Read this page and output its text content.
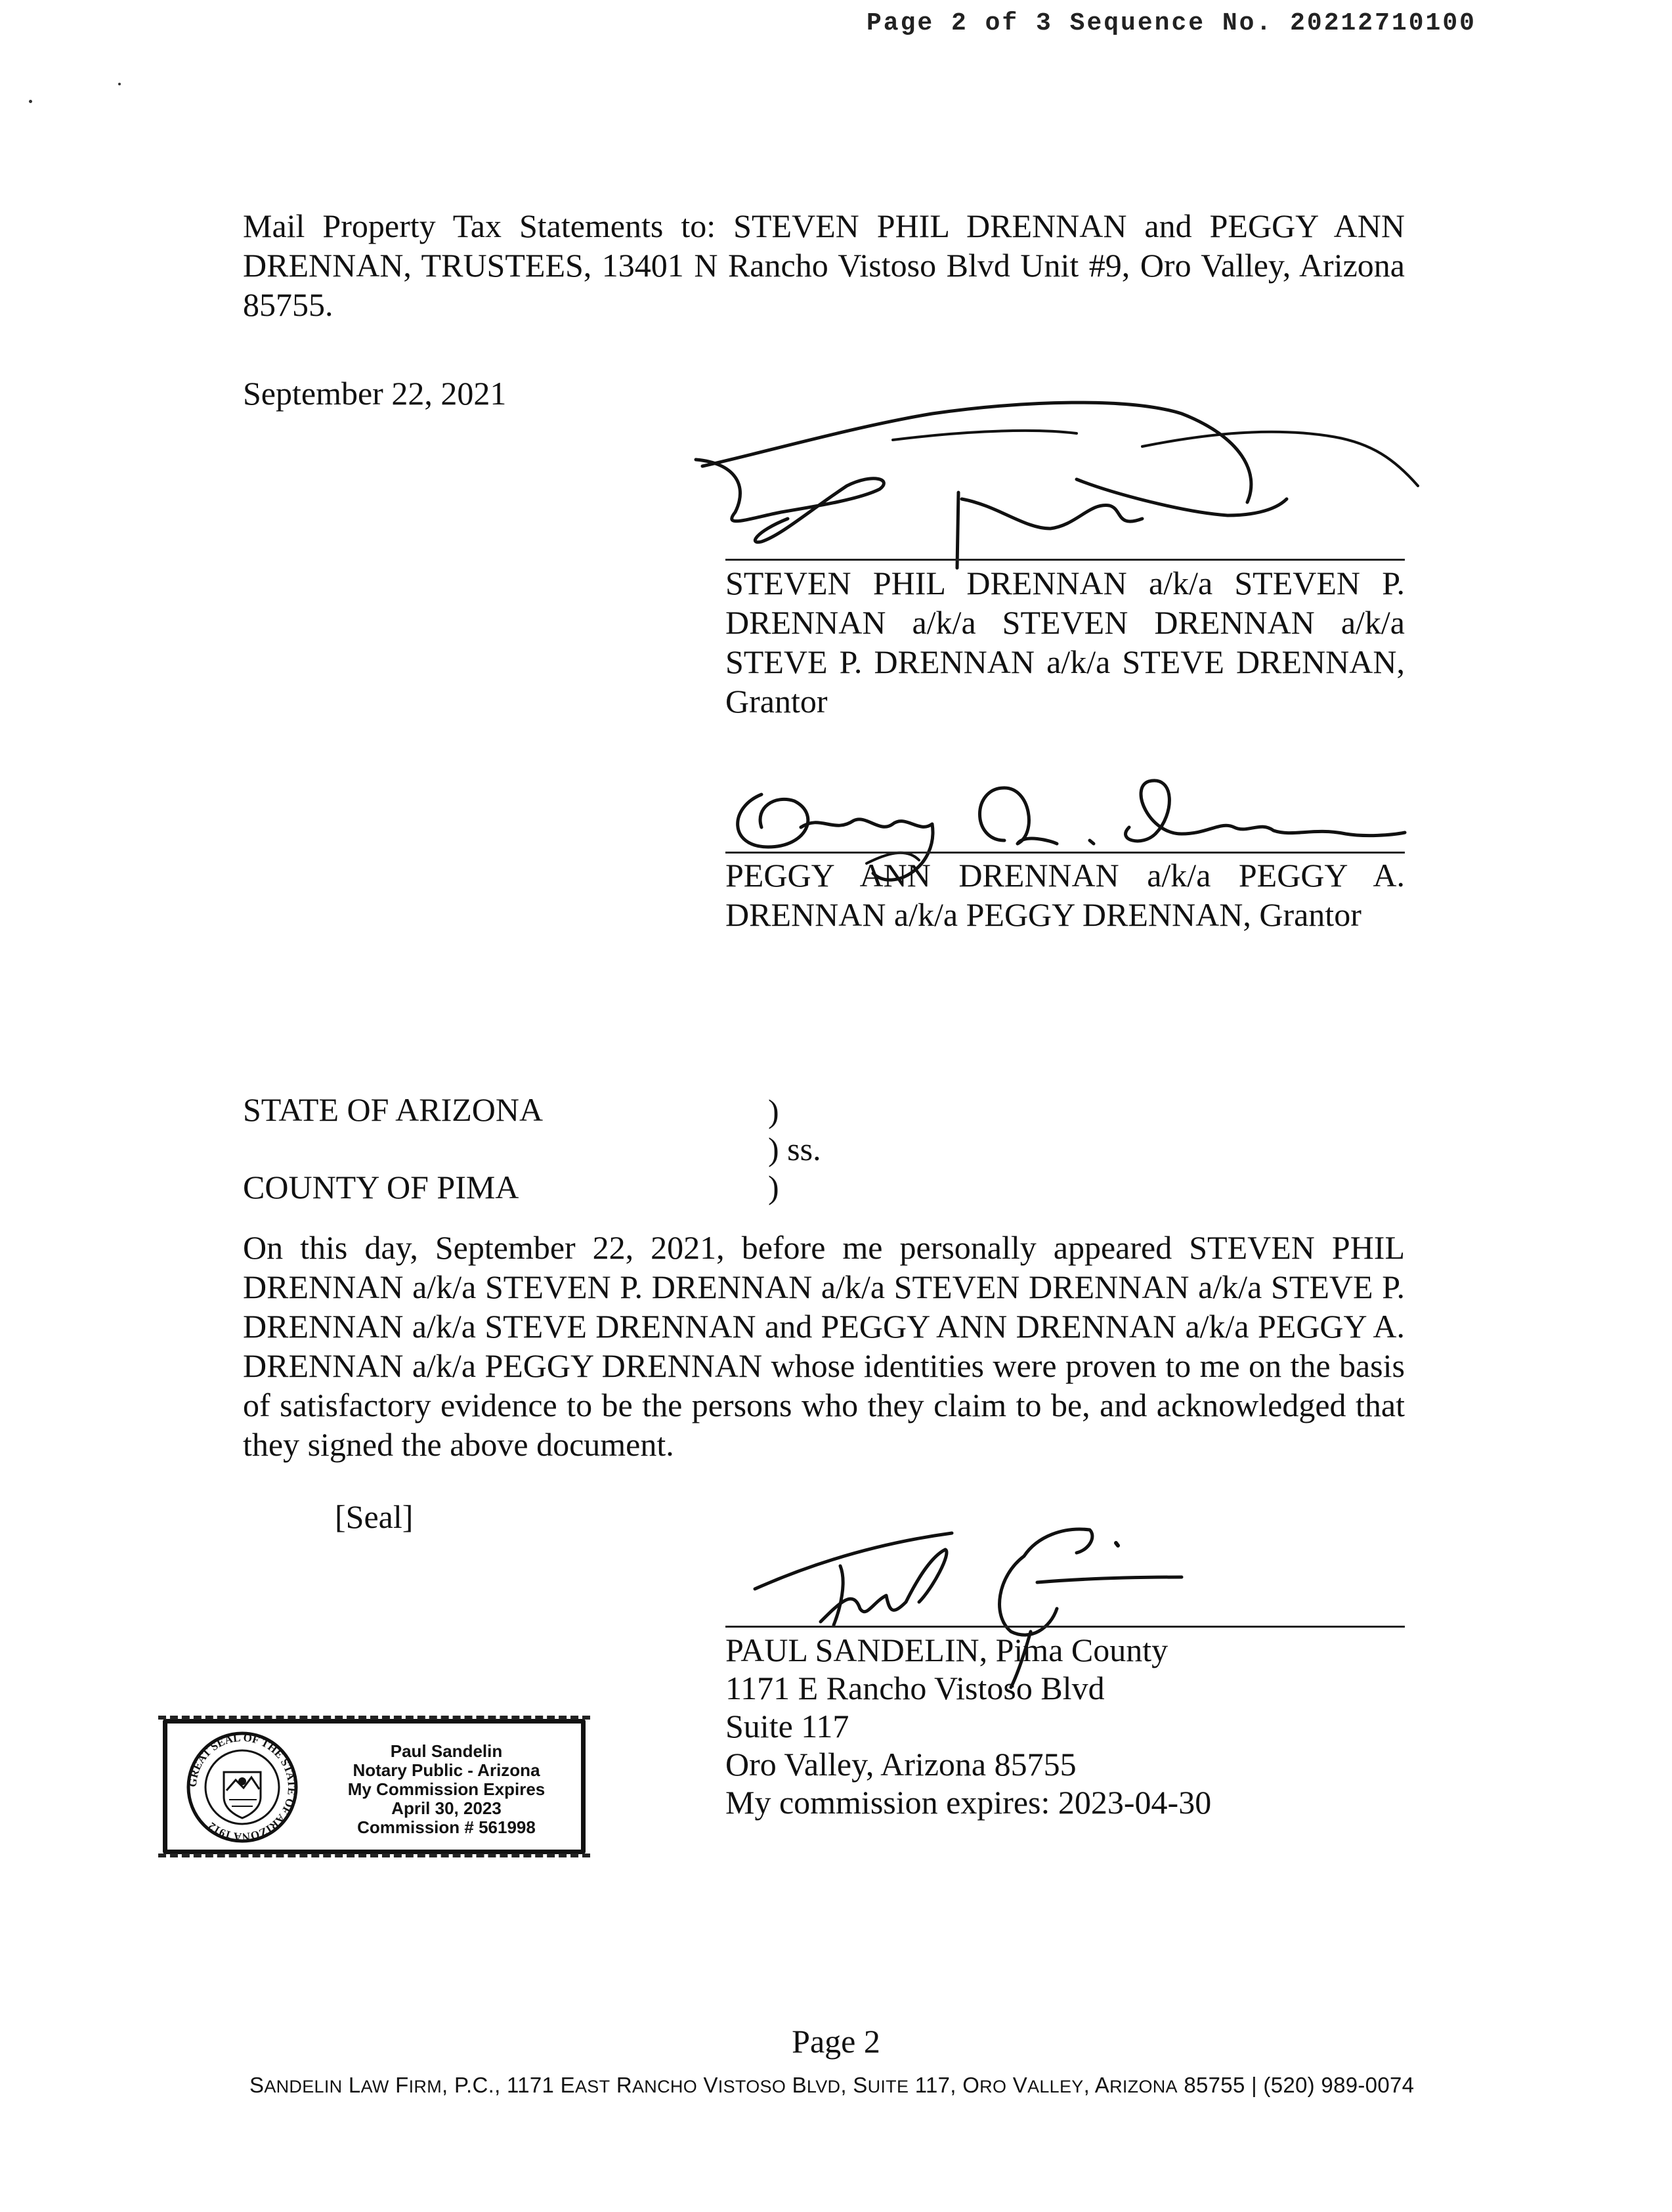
Page 2 of 3 Sequence No. 20212710100
Mail Property Tax Statements to: STEVEN PHIL DRENNAN and PEGGY ANN DRENNAN, TRUSTEES, 13401 N Rancho Vistoso Blvd Unit #9, Oro Valley, Arizona 85755.
September 22, 2021
STEVEN PHIL DRENNAN a/k/a STEVEN P.
DRENNAN a/k/a STEVEN DRENNAN a/k/a
STEVE P. DRENNAN a/k/a STEVE DRENNAN,
Grantor
PEGGY ANN DRENNAN a/k/a PEGGY A.
DRENNAN a/k/a PEGGY DRENNAN, Grantor
STATE OF ARIZONA
COUNTY OF PIMA
)
) ss.
)
On this day, September 22, 2021, before me personally appeared STEVEN PHIL DRENNAN a/k/a STEVEN P. DRENNAN a/k/a STEVEN DRENNAN a/k/a STEVE P. DRENNAN a/k/a STEVE DRENNAN and PEGGY ANN DRENNAN a/k/a PEGGY A. DRENNAN a/k/a PEGGY DRENNAN whose identities were proven to me on the basis of satisfactory evidence to be the persons who they claim to be, and acknowledged that they signed the above document.
[Seal]
PAUL SANDELIN, Pima County
1171 E Rancho Vistoso Blvd
Suite 117
Oro Valley, Arizona 85755
My commission expires: 2023-04-30
GREAT SEAL OF THE STATE OF ARIZONA 1912
Paul Sandelin
Notary Public - Arizona
My Commission Expires
April 30, 2023
Commission # 561998
Page 2
SANDELIN LAW FIRM, P.C., 1171 EAST RANCHO VISTOSO BLVD, SUITE 117, ORO VALLEY, ARIZONA 85755 | (520) 989-0074
